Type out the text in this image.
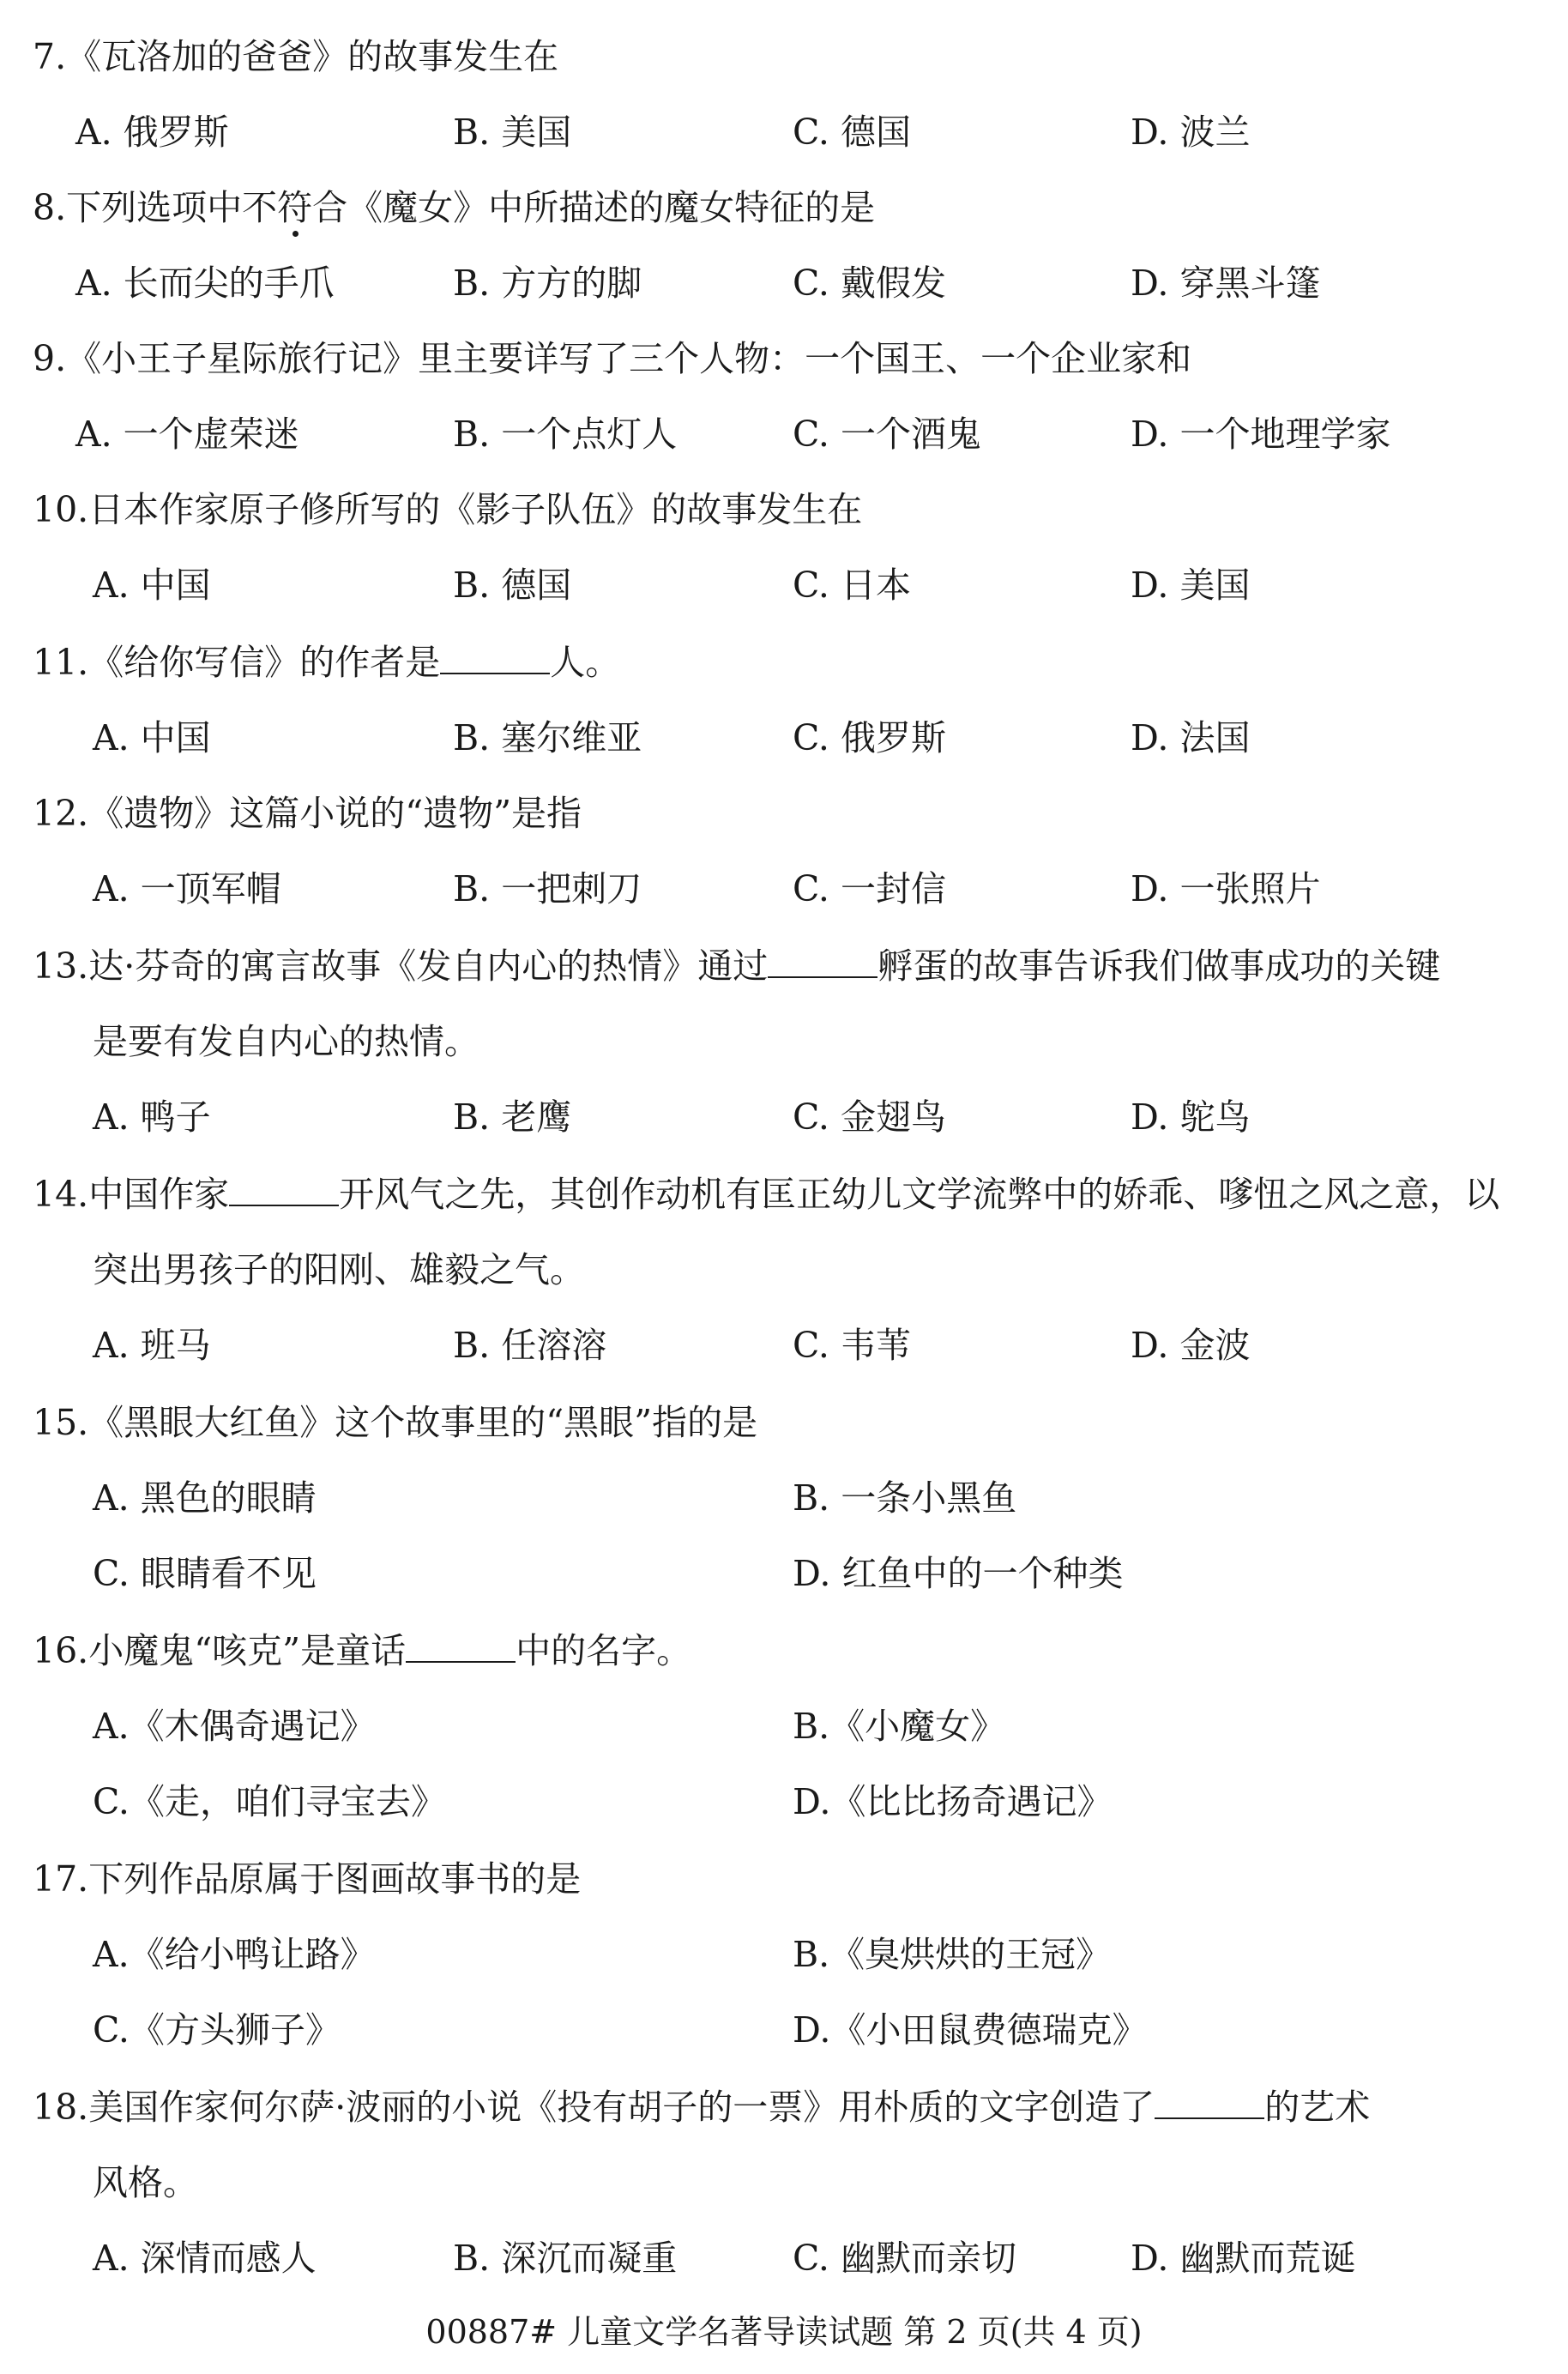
7.《瓦洛加的爸爸》的故事发生在
A. 俄罗斯	B. 美国	C. 德国	D. 波兰
8.下列选项中不符合《魔女》中所描述的魔女特征的是
A. 长而尖的手爪	B. 方方的脚	C. 戴假发	D. 穿黑斗篷
9.《小王子星际旅行记》里主要详写了三个人物：一个国王、一个企业家和
A. 一个虚荣迷	B. 一个点灯人	C. 一个酒鬼	D. 一个地理学家
10.日本作家原子修所写的《影子队伍》的故事发生在
A. 中国	B. 德国	C. 日本	D. 美国
11.《给你写信》的作者是	人。
A. 中国	B. 塞尔维亚	C. 俄罗斯	D. 法国
12.《遗物》这篇小说的“遗物”是指
A. 一顶军帽	B. 一把刺刀	C. 一封信	D. 一张照片
13.达·芬奇的寓言故事《发自内心的热情》通过	孵蛋的故事告诉我们做事成功的关键
是要有发自内心的热情。
A. 鸭子	B. 老鹰	C. 金翅鸟	D. 鸵鸟
14.中国作家	开风气之先，其创作动机有匡正幼儿文学流弊中的娇乖、嗲忸之风之意，以
突出男孩子的阳刚、雄毅之气。
A. 班马	B. 任溶溶	C. 韦苇	D. 金波
15.《黑眼大红鱼》这个故事里的“黑眼”指的是
A. 黑色的眼睛	B. 一条小黑鱼
C. 眼睛看不见	D. 红鱼中的一个种类
16.小魔鬼“咳克”是童话	中的名字。
A.《木偶奇遇记》	B.《小魔女》
C.《走，咱们寻宝去》	D.《比比扬奇遇记》
17.下列作品原属于图画故事书的是
A.《给小鸭让路》	B.《臭烘烘的王冠》
C.《方头狮子》	D.《小田鼠费德瑞克》
18.美国作家何尔萨·波丽的小说《投有胡子的一票》用朴质的文字创造了	的艺术
风格。
A. 深情而感人	B. 深沉而凝重	C. 幽默而亲切	D. 幽默而荒诞
00887# 儿童文学名著导读试题 第 2 页(共 4 页)
